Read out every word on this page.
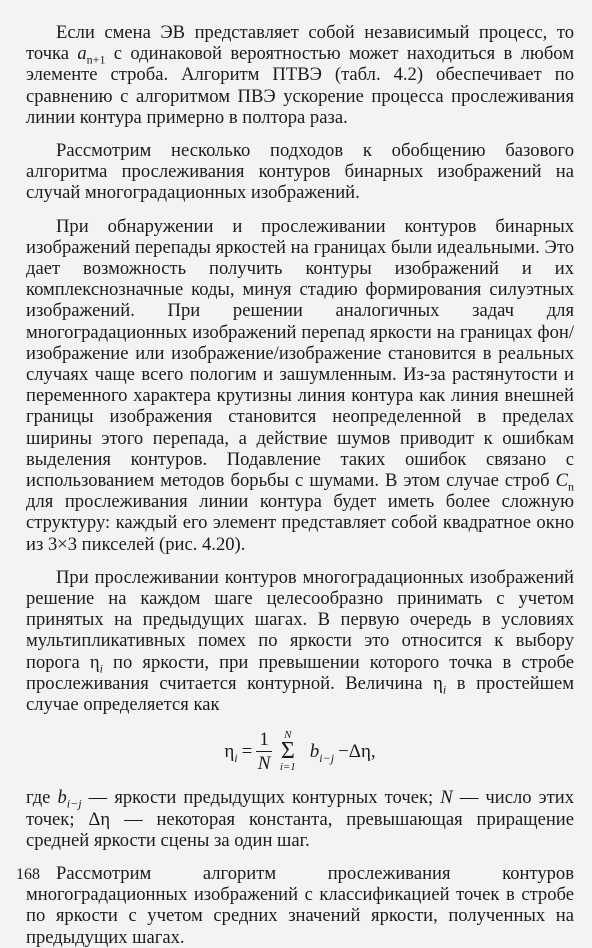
Если смена ЭВ представляет собой независимый процесс, то точка $a_{n+1}$ с одинаковой вероятностью может находиться в любом элементе строба. Алгоритм ПТВЭ (табл. 4.2) обеспечивает по сравнению с алгоритмом ПВЭ ускорение процесса прослеживания линии контура примерно в полтора раза.

Рассмотрим несколько подходов к обобщению базового алгоритма прослеживания контуров бинарных изображений на случай многоградационных изображений.

При обнаружении и прослеживании контуров бинарных изображений перепады яркостей на границах были идеальными. Это дает возможность получить контуры изображений и их комплекснозначные коды, минуя стадию формирования силуэтных изображений. При решении аналогичных задач для многоградационных изображений перепад яркости на границах фон/изображение или изображение/изображение становится в реальных случаях чаще всего пологим и зашумленным. Из-за растянутости и переменного характера крутизны линия контура как линия внешней границы изображения становится неопределенной в пределах ширины этого перепада, а действие шумов приводит к ошибкам выделения контуров. Подавление таких ошибок связано с использованием методов борьбы с шумами. В этом случае строб $C_n$ для прослеживания линии контура будет иметь более сложную структуру: каждый его элемент представляет собой квадратное окно из 3×3 пикселей (рис. 4.20).

При прослеживании контуров многоградационных изображений решение на каждом шаге целесообразно принимать с учетом принятых на предыдущих шагах. В первую очередь в условиях мультипликативных помех по яркости это относится к выбору порога $\eta_i$ по яркости, при превышении которого точка в стробе прослеживания считается контурной. Величина $\eta_i$ в простейшем случае определяется как

$\eta_i = \frac{1}{N}$ N
Σ
i=1
$b_{i-j} -\Delta\eta$,

где $b_{i-j}$ — яркости предыдущих контурных точек; N — число этих точек; Δη — некоторая константа, превышающая приращение средней яркости сцены за один шаг.

Рассмотрим алгоритм прослеживания контуров многоградационных изображений с классификацией точек в стробе по яркости с учетом средних значений яркости, полученных на предыдущих шагах.

168
